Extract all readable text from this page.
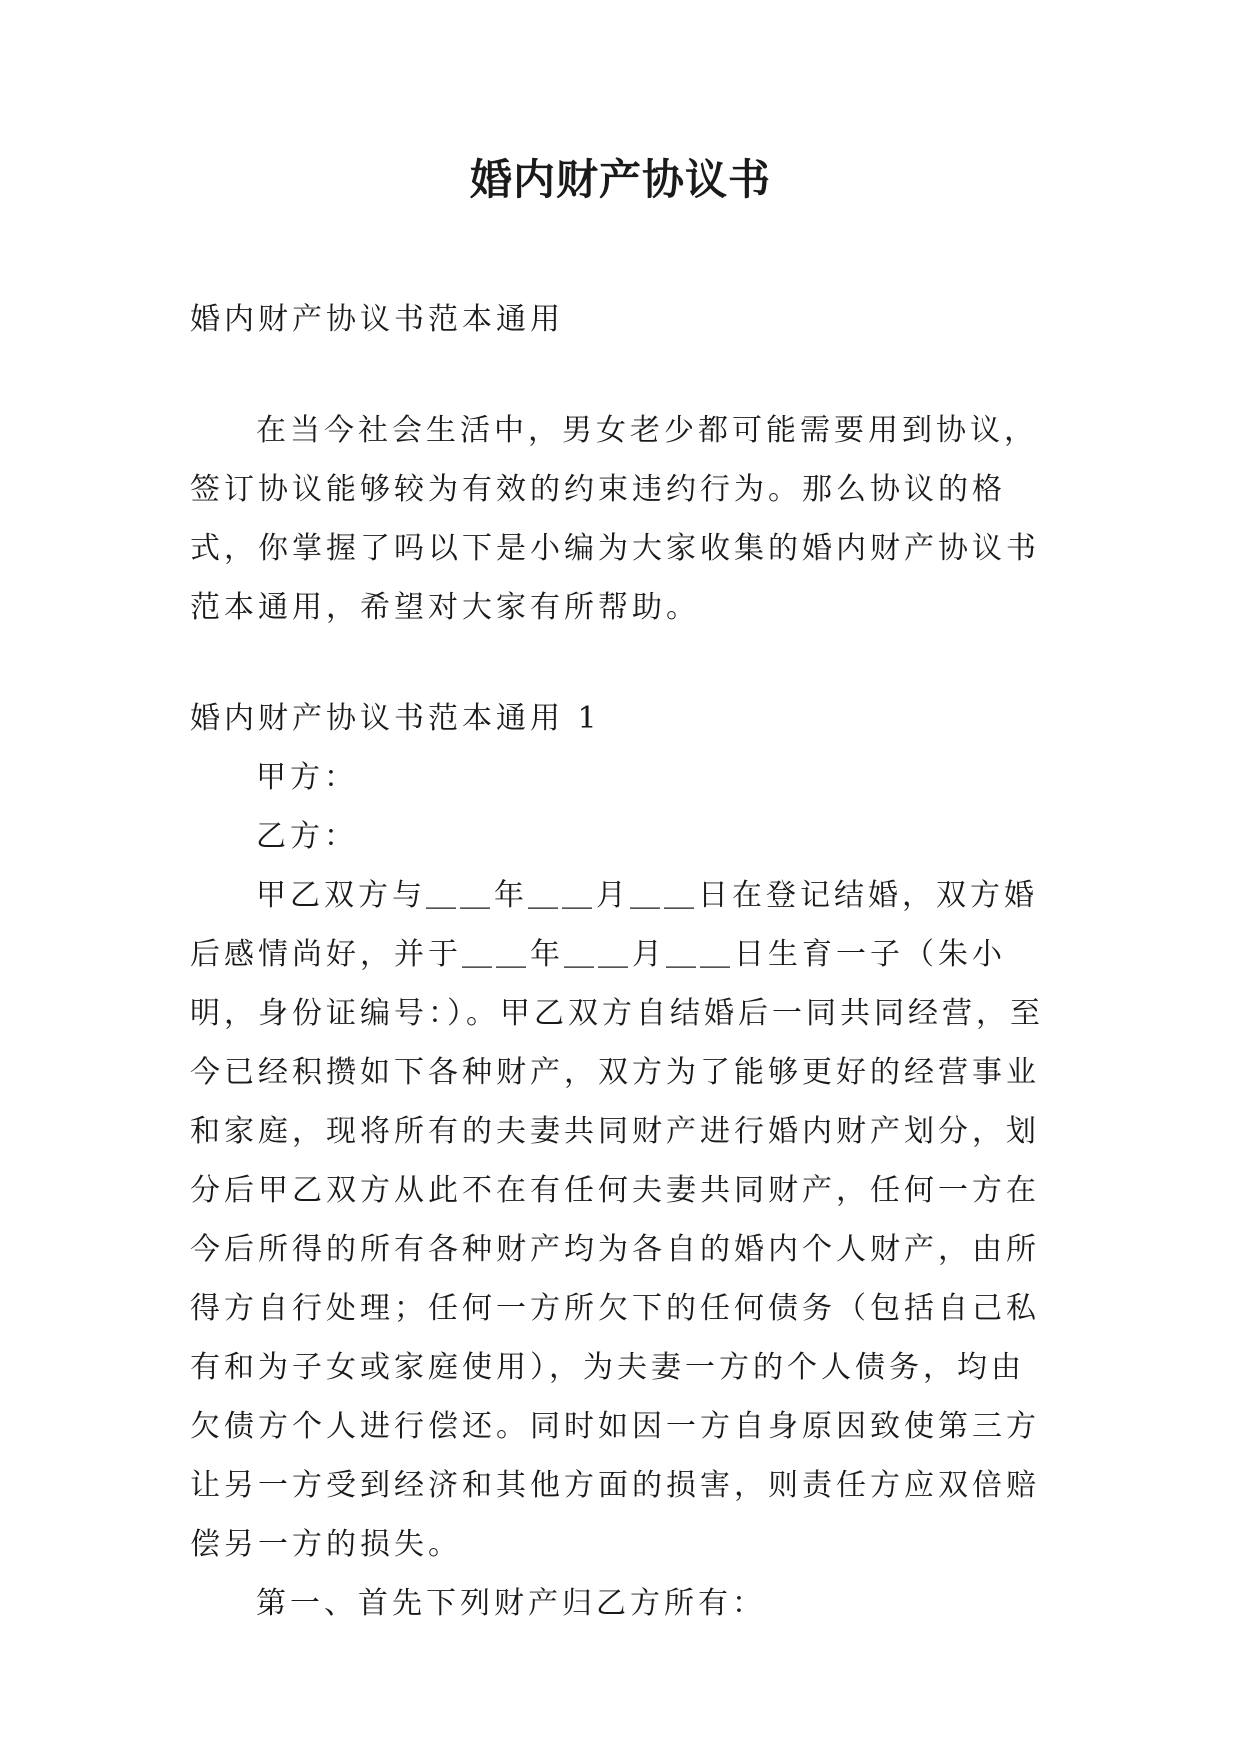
婚内财产协议书

婚内财产协议书范本通用

在当今社会生活中，男女老少都可能需要用到协议，签订协议能够较为有效的约束违约行为。那么协议的格式，你掌握了吗以下是小编为大家收集的婚内财产协议书范本通用，希望对大家有所帮助。

婚内财产协议书范本通用 1

甲方：

乙方：

甲乙双方与＿＿年＿＿月＿＿日在登记结婚，双方婚后感情尚好，并于＿＿年＿＿月＿＿日生育一子（朱小明，身份证编号：）。甲乙双方自结婚后一同共同经营，至今已经积攒如下各种财产，双方为了能够更好的经营事业和家庭，现将所有的夫妻共同财产进行婚内财产划分，划分后甲乙双方从此不在有任何夫妻共同财产，任何一方在今后所得的所有各种财产均为各自的婚内个人财产，由所得方自行处理；任何一方所欠下的任何债务（包括自己私有和为子女或家庭使用），为夫妻一方的个人债务，均由欠债方个人进行偿还。同时如因一方自身原因致使第三方让另一方受到经济和其他方面的损害，则责任方应双倍赔偿另一方的损失。

第一、首先下列财产归乙方所有：
